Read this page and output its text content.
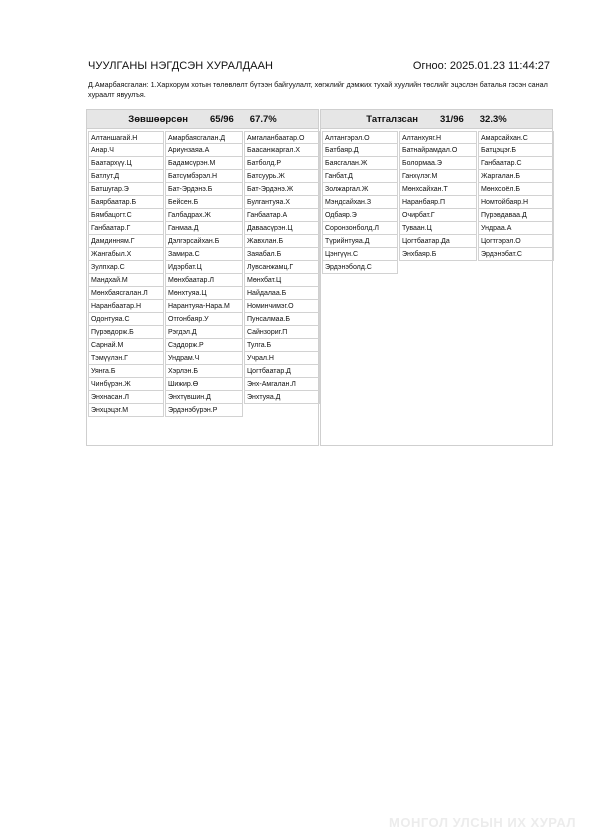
ЧУУЛГАНЫ НЭГДСЭН ХУРАЛДААН	Огноо: 2025.01.23 11:44:27
Д.Амарбаясгалан: 1.Хархорум хотын төлөвлөлт бүтээн байгуулалт, хөгжлийг дэмжих тухай хуулийн төслийг эцэслэн баталья гэсэн санал хураалт явуулъя.
Зөвшөөрсөн 65/96 67.7%
Алтаншагай.Н	Амарбаясгалан.Д	Амгаланбаатар.О
Анар.Ч	Ариунзаяа.А	Баасанжаргал.Х
Баатархүү.Ц	Бадамсүрэн.М	Батболд.Р
Батлут.Д	Батсүмбэрэл.Н	Батсуурь.Ж
Батшугар.Э	Бат-Эрдэнэ.Б	Бат-Эрдэнэ.Ж
Баярбаатар.Б	Бейсен.Б	Булгантуяа.Х
Бямбацогт.С	Галбадрах.Ж	Ганбаатар.А
Ганбаатар.Г	Ганмаа.Д	Даваасүрэн.Ц
Дамдинням.Г	Дэлгэрсайхан.Б	Жавхлан.Б
Жангабыл.Х	Замира.С	Заяабал.Б
Зулпхар.С	Идэрбат.Ц	Лувсанжамц.Г
Мандхай.М	Мөнхбаатар.Л	Мөнхбат.Ц
Мөнхбаясгалан.Л	Мөнхтуяа.Ц	Найдалаа.Б
Наранбаатар.Н	Нарантуяа-Нара.М	Номинчимэг.О
Одонтуяа.С	Отгонбаяр.У	Пунсалмаа.Б
Пүрэвдорж.Б	Рэгдэл.Д	Сайнзориг.П
Сарнай.М	Сэддорж.Р	Тулга.Б
Тэмүүлэн.Г	Ундрам.Ч	Учрал.Н
Уянга.Б	Хэрлэн.Б	Цогтбаатар.Д
Чинбүрэн.Ж	Шижир.Ө	Энх-Амгалан.Л
Энхнасан.Л	Энхтүвшин.Д	Энхтуяа.Д
Энхцэцэг.М	Эрдэнэбүрэн.Р
Татгалзсан 31/96 32.3%
Алтангэрэл.О	Алтанхуяг.Н	Амарсайхан.С
Батбаяр.Д	Батнайрамдал.О	Батцэцэг.Б
Баясгалан.Ж	Болормаа.Э	Ганбаатар.С
Ганбат.Д	Ганхүлэг.М	Жаргалан.Б
Золжаргал.Ж	Мөнхсайхан.Т	Мөнхсоёл.Б
Мэндсайхан.З	Наранбаяр.П	Номтойбаяр.Н
Одбаяр.Э	Очирбат.Г	Пүрэвдаваа.Д
Соронзонболд.Л	Туваан.Ц	Ундраа.А
Түрийнтуяа.Д	Цогтбаатар.Да	Цогтгэрэл.О
Цэнгүүн.С	Энхбаяр.Б	Эрдэнэбат.С
Эрдэнэболд.С
МОНГОЛ УЛСЫН ИХ ХУРАЛ
